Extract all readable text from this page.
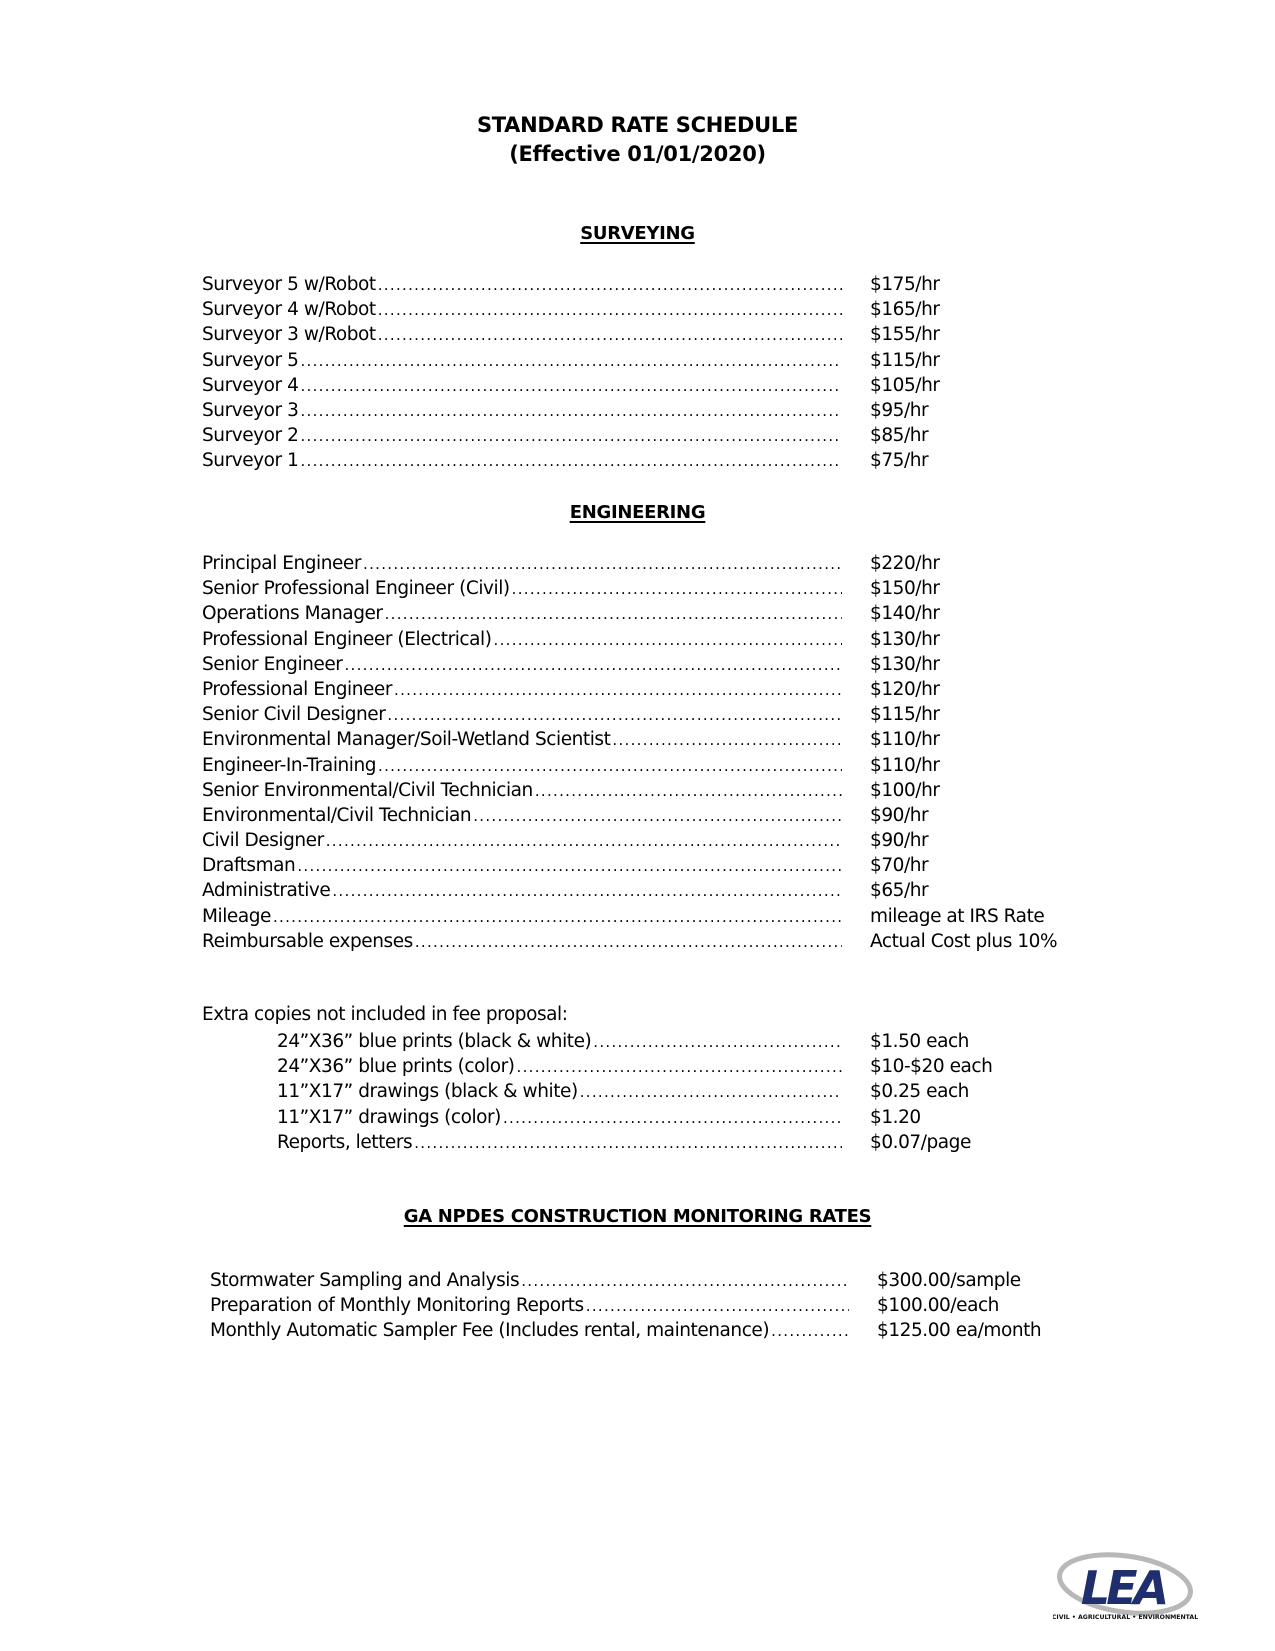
STANDARD RATE SCHEDULE
(Effective 01/01/2020)
SURVEYING
Surveyor 5 w/Robot .....	$175/hr
Surveyor 4 w/Robot .....	$165/hr
Surveyor 3 w/Robot .....	$155/hr
Surveyor 5 .....	$115/hr
Surveyor 4 .....	$105/hr
Surveyor 3 .....	$95/hr
Surveyor 2 .....	$85/hr
Surveyor 1 .....	$75/hr
ENGINEERING
Principal Engineer .....	$220/hr
Senior Professional Engineer (Civil) .....	$150/hr
Operations Manager .....	$140/hr
Professional Engineer (Electrical) .....	$130/hr
Senior Engineer .....	$130/hr
Professional Engineer .....	$120/hr
Senior Civil Designer .....	$115/hr
Environmental Manager/Soil-Wetland Scientist .....	$110/hr
Engineer-In-Training .....	$110/hr
Senior Environmental/Civil Technician .....	$100/hr
Environmental/Civil Technician .....	$90/hr
Civil Designer .....	$90/hr
Draftsman .....	$70/hr
Administrative .....	$65/hr
Mileage .....	mileage at IRS Rate
Reimbursable expenses .....	Actual Cost plus 10%
Extra copies not included in fee proposal:
24”X36” blue prints (black & white) .....	$1.50 each
24”X36” blue prints (color) .....	$10-$20 each
11”X17” drawings (black & white) .....	$0.25 each
11”X17” drawings (color) .....	$1.20
Reports, letters .....	$0.07/page
GA NPDES CONSTRUCTION MONITORING RATES
Stormwater Sampling and Analysis .....	$300.00/sample
Preparation of Monthly Monitoring Reports .....	$100.00/each
Monthly Automatic Sampler Fee (Includes rental, maintenance) .....	$125.00 ea/month
LEA
CIVIL • AGRICULTURAL • ENVIRONMENTAL
